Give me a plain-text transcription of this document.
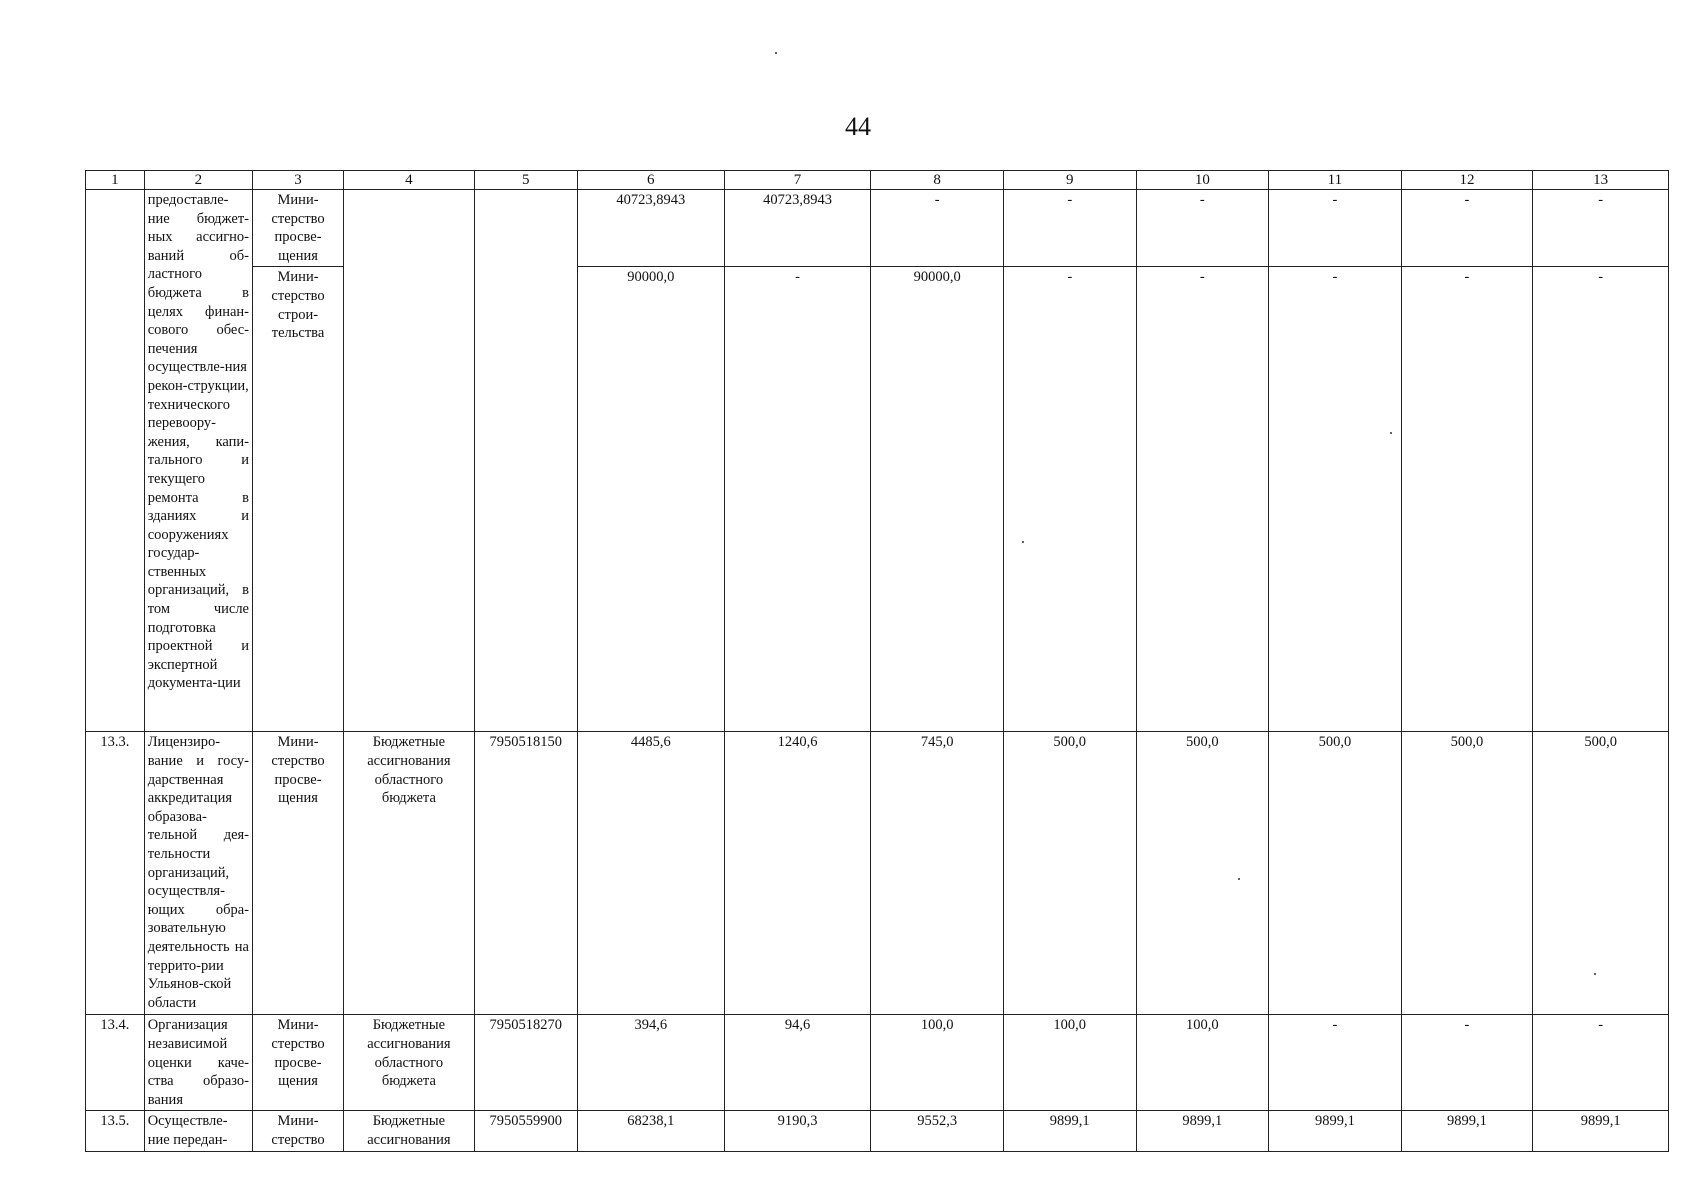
44
1	2	3	4	5	6	7	8	9	10	11	12	13
	предоставле-ние бюджет-ных ассигно-ваний об-ластного бюджета в целях финан-сового обес-печения осуществле-ния рекон-струкции, технического перевоору-жения, капи-тального и текущего ремонта в зданиях и сооружениях государ-ственных организаций, в том числе подготовка проектной и экспертной документа-ции	Мини-стерство просве-щения			40723,8943	40723,8943	-	-	-	-	-	-
		Мини-стерство строи-тельства			90000,0	-	90000,0	-	-	-	-	-
13.3.	Лицензиро-вание и госу-дарственная аккредитация образова-тельной дея-тельности организаций, осуществля-ющих обра-зовательную деятельность на террито-рии Ульянов-ской области	Мини-стерство просве-щения	Бюджетные ассигнования областного бюджета	7950518150	4485,6	1240,6	745,0	500,0	500,0	500,0	500,0	500,0
13.4.	Организация независимой оценки каче-ства образо-вания	Мини-стерство просве-щения	Бюджетные ассигнования областного бюджета	7950518270	394,6	94,6	100,0	100,0	100,0	-	-	-
13.5.	Осуществле-ние передан-	Мини-стерство	Бюджетные ассигнования	7950559900	68238,1	9190,3	9552,3	9899,1	9899,1	9899,1	9899,1	9899,1
